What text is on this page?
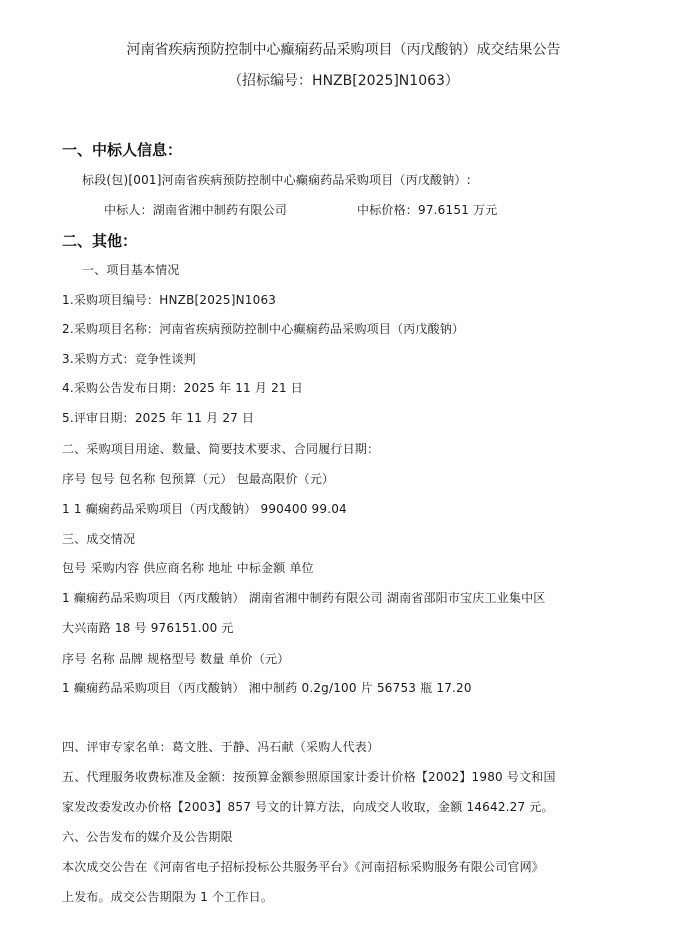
河南省疾病预防控制中心癫痫药品采购项目（丙戊酸钠）成交结果公告
（招标编号：HNZB[2025]N1063）
一、中标人信息：
标段(包)[001]河南省疾病预防控制中心癫痫药品采购项目（丙戊酸钠）:
中标人：湖南省湘中制药有限公司	中标价格：97.6151 万元
二、其他：
一、项目基本情况
1.采购项目编号：HNZB[2025]N1063
2.采购项目名称：河南省疾病预防控制中心癫痫药品采购项目（丙戊酸钠）
3.采购方式：竞争性谈判
4.采购公告发布日期：2025 年 11 月 21 日
5.评审日期：2025 年 11 月 27 日
二、采购项目用途、数量、简要技术要求、合同履行日期：
序号 包号 包名称 包预算（元） 包最高限价（元）
1 1 癫痫药品采购项目（丙戊酸钠） 990400 99.04
三、成交情况
包号 采购内容 供应商名称 地址 中标金额 单位
1 癫痫药品采购项目（丙戊酸钠） 湖南省湘中制药有限公司 湖南省邵阳市宝庆工业集中区
大兴南路 18 号 976151.00 元
序号 名称 品牌 规格型号 数量 单价（元）
1 癫痫药品采购项目（丙戊酸钠） 湘中制药 0.2g/100 片 56753 瓶 17.20
四、评审专家名单：葛文胜、于静、冯石献（采购人代表）
五、代理服务收费标准及金额：按预算金额参照原国家计委计价格【2002】1980 号文和国
家发改委发改办价格【2003】857 号文的计算方法，向成交人收取，金额 14642.27 元。
六、公告发布的媒介及公告期限
本次成交公告在《河南省电子招标投标公共服务平台》《河南招标采购服务有限公司官网》
上发布。成交公告期限为 1 个工作日。
